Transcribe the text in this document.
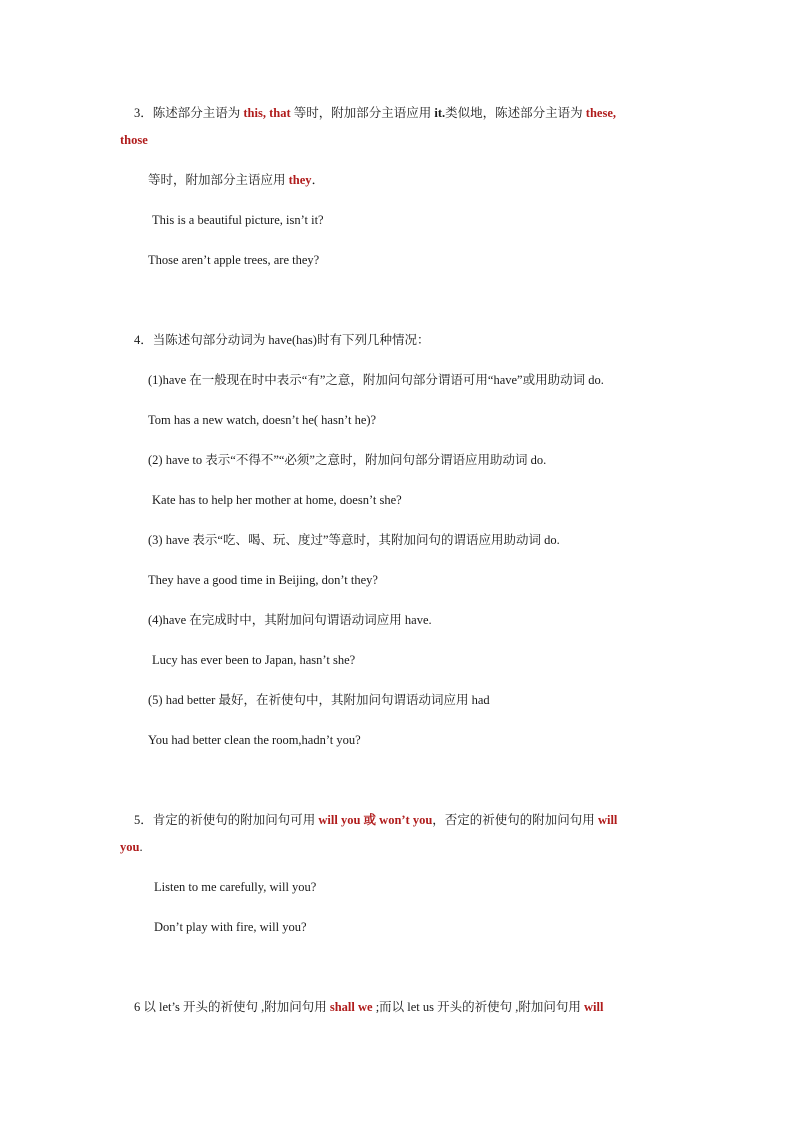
3．陈述部分主语为 this, that 等时，附加部分主语应用 it.类似地，陈述部分主语为 these,
those
等时，附加部分主语应用 they．
This is a beautiful picture, isn’t it?
Those aren’t apple trees, are they?
4．当陈述句部分动词为 have(has)时有下列几种情况：
(1)have 在一般现在时中表示“有”之意，附加问句部分谓语可用“have”或用助动词 do.
Tom has a new watch, doesn’t he( hasn’t he)?
(2) have to 表示“不得不”“必须”之意时，附加问句部分谓语应用助动词 do.
Kate has to help her mother at home, doesn’t she?
(3) have 表示“吃、喝、玩、度过”等意时，其附加问句的谓语应用助动词 do.
They have a good time in Beijing, don’t they?
(4)have 在完成时中，其附加问句谓语动词应用 have.
Lucy has ever been to Japan, hasn’t she?
(5) had better 最好，在祈使句中，其附加问句谓语动词应用 had
You had better clean the room,hadn’t you?
5．肯定的祈使句的附加问句可用 will you 或 won’t you，否定的祈使句的附加问句用 will
you.
Listen to me carefully, will you?
Don’t play with fire, will you?
6 以 let’s 开头的祈使句 ,附加问句用 shall we ;而以 let us 开头的祈使句 ,附加问句用 will
